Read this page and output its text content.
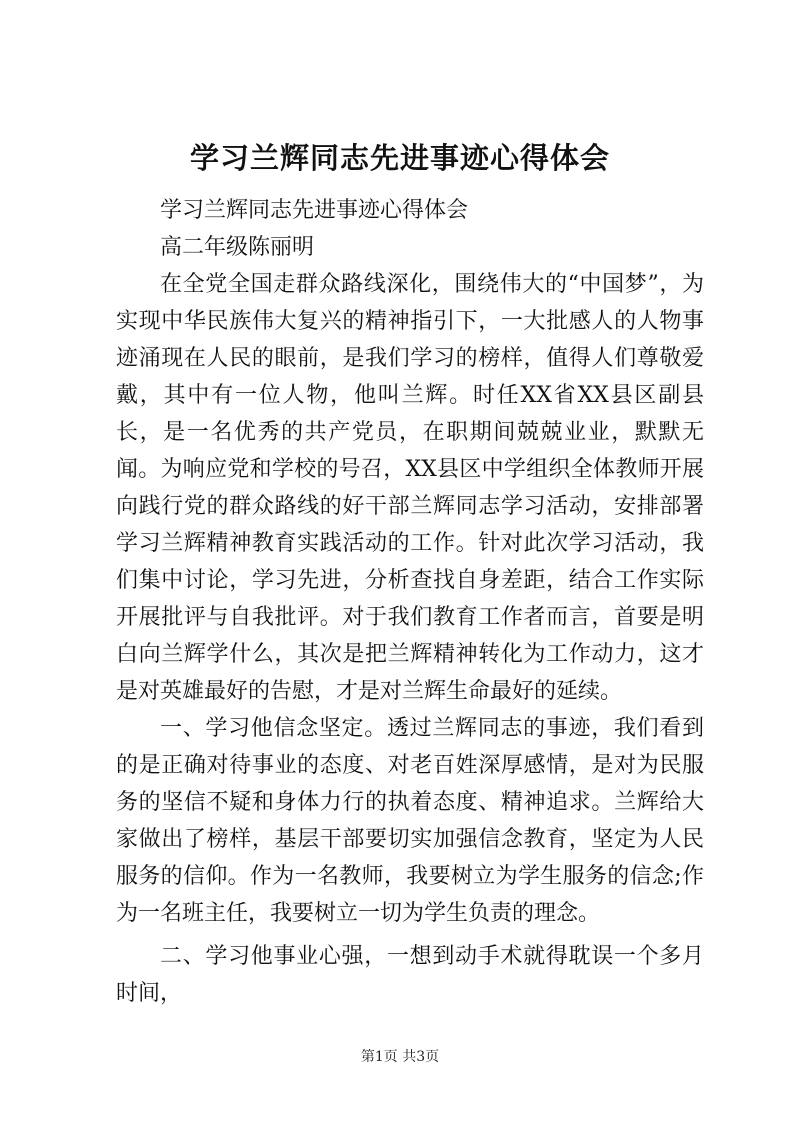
学习兰辉同志先进事迹心得体会

学习兰辉同志先进事迹心得体会

高二年级陈丽明

在全党全国走群众路线深化，围绕伟大的“中国梦”，为实现中华民族伟大复兴的精神指引下，一大批感人的人物事迹涌现在人民的眼前，是我们学习的榜样，值得人们尊敬爱戴，其中有一位人物，他叫兰辉。时任XX省XX县区副县长，是一名优秀的共产党员，在职期间兢兢业业，默默无闻。为响应党和学校的号召，XX县区中学组织全体教师开展向践行党的群众路线的好干部兰辉同志学习活动，安排部署学习兰辉精神教育实践活动的工作。针对此次学习活动，我们集中讨论，学习先进，分析查找自身差距，结合工作实际开展批评与自我批评。对于我们教育工作者而言，首要是明白向兰辉学什么，其次是把兰辉精神转化为工作动力，这才是对英雄最好的告慰，才是对兰辉生命最好的延续。

一、学习他信念坚定。透过兰辉同志的事迹，我们看到的是正确对待事业的态度、对老百姓深厚感情，是对为民服务的坚信不疑和身体力行的执着态度、精神追求。兰辉给大家做出了榜样，基层干部要切实加强信念教育，坚定为人民服务的信仰。作为一名教师，我要树立为学生服务的信念;作为一名班主任，我要树立一切为学生负责的理念。

二、学习他事业心强，一想到动手术就得耽误一个多月时间，

第1页 共3页
